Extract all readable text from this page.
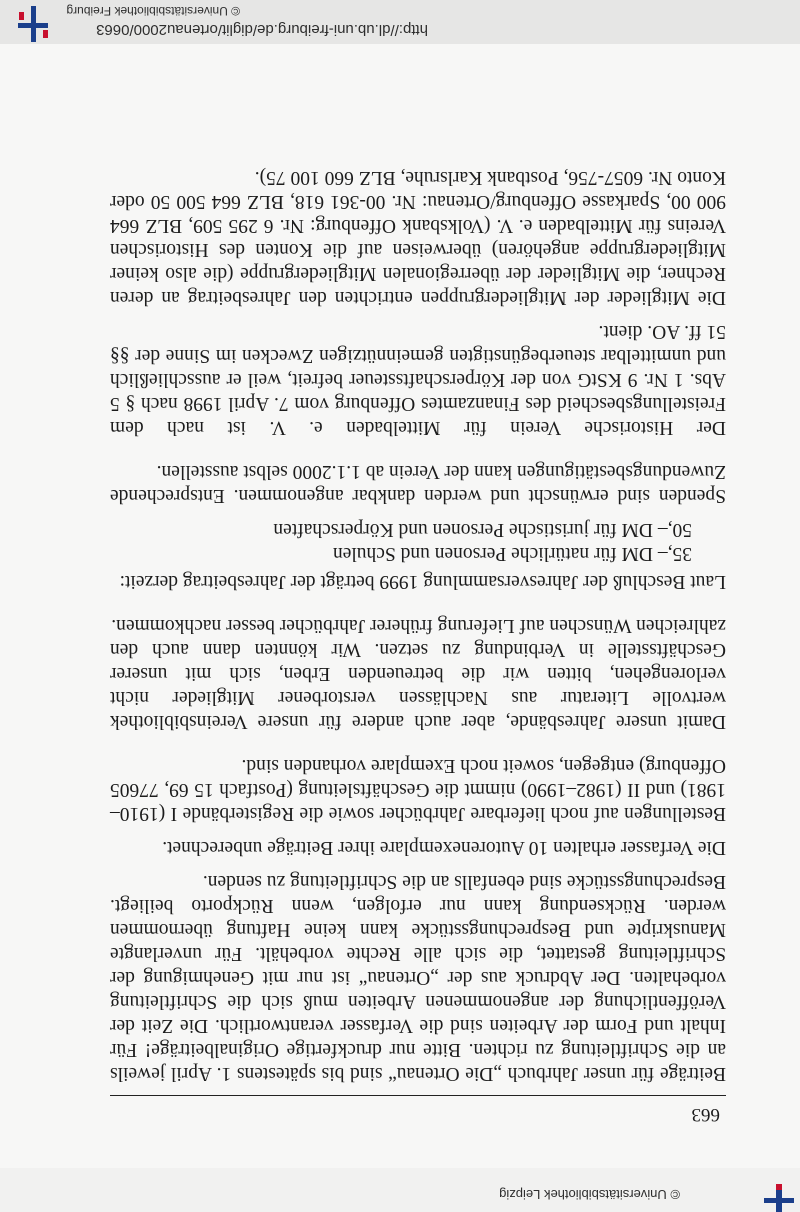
© Universitätsbibliothek Leipzig
663

Beiträge für unser Jahrbuch „Die Ortenau“ sind bis spätestens 1. April jeweils an die Schriftleitung zu richten. Bitte nur druckfertige Originalbeiträge! Für Inhalt und Form der Arbeiten sind die Verfasser verantwortlich. Die Zeit der Veröffentlichung der angenommenen Arbeiten muß sich die Schriftleitung vorbehalten. Der Abdruck aus der „Ortenau“ ist nur mit Genehmigung der Schriftleitung gestattet, die sich alle Rechte vorbehält. Für unverlangte Manuskripte und Besprechungsstücke kann keine Haftung übernommen werden. Rücksendung kann nur erfolgen, wenn Rückporto beiliegt. Besprechungsstücke sind ebenfalls an die Schriftleitung zu senden.

Die Verfasser erhalten 10 Autorenexemplare ihrer Beiträge unberechnet.

Bestellungen auf noch lieferbare Jahrbücher sowie die Registerbände I (1910–1981) und II (1982–1990) nimmt die Geschäftsleitung (Postfach 15 69, 77605 Offenburg) entgegen, soweit noch Exemplare vorhanden sind.

Damit unsere Jahresbände, aber auch andere für unsere Vereinsbibliothek wertvolle Literatur aus Nachlässen verstorbener Mitglieder nicht verlorengehen, bitten wir die betreuenden Erben, sich mit unserer Geschäftsstelle in Verbindung zu setzen. Wir könnten dann auch den zahlreichen Wünschen auf Lieferung früherer Jahrbücher besser nachkommen.

Laut Beschluß der Jahresversammlung 1999 beträgt der Jahresbeitrag derzeit:

35,– DM für natürliche Personen und Schulen

50,– DM für juristische Personen und Körperschaften

Spenden sind erwünscht und werden dankbar angenommen. Entsprechende Zuwendungsbestätigungen kann der Verein ab 1.1.2000 selbst ausstellen.

Der Historische Verein für Mittelbaden e. V. ist nach dem Freistellungsbescheid des Finanzamtes Offenburg vom 7. April 1998 nach § 5 Abs. 1 Nr. 9 KStG von der Körperschaftssteuer befreit, weil er ausschließlich und unmittelbar steuerbegünstigten gemeinnützigen Zwecken im Sinne der §§ 51 ff. AO. dient.

Die Mitglieder der Mitgliedergruppen entrichten den Jahresbeitrag an deren Rechner, die Mitglieder der überregionalen Mitgliedergruppe (die also keiner Mitgliedergruppe angehören) überweisen auf die Konten des Historischen Vereins für Mittelbaden e. V. (Volksbank Offenburg: Nr. 6 295 509, BLZ 664 900 00, Sparkasse Offenburg/Ortenau: Nr. 00-361 618, BLZ 664 500 50 oder Konto Nr. 6057-756, Postbank Karlsruhe, BLZ 660 100 75).

http://dl.ub.uni-freiburg.de/diglit/ortenau2000/0663
© Universitätsbibliothek Freiburg
